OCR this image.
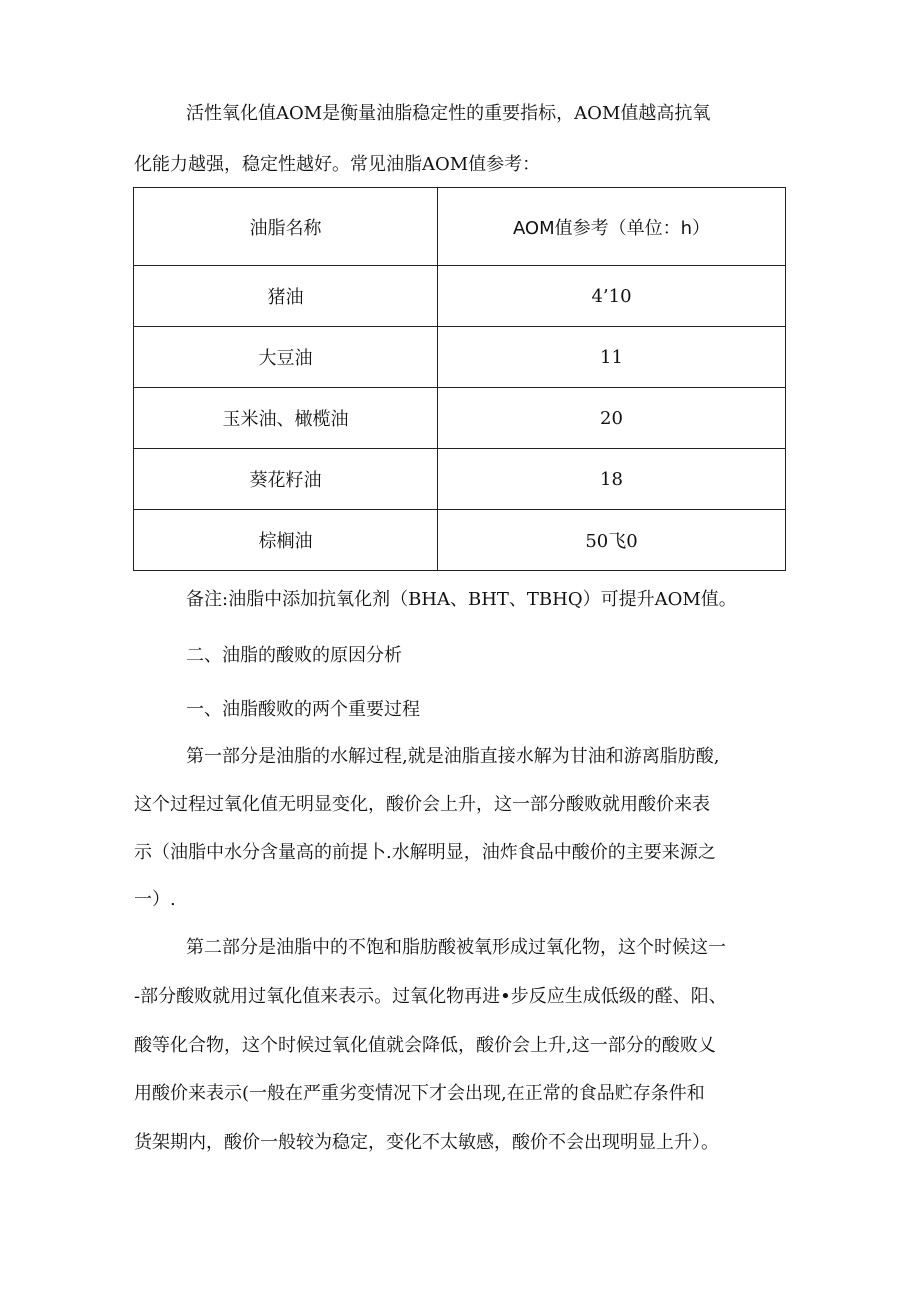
活性氧化值AOM是衡量油脂稳定性的重要指标，AOM值越高抗氧
化能力越强，稳定性越好。常见油脂AOM值参考：
油脂名称	AOM值参考（单位：h）
猪油	4’10
大豆油	11
玉米油、橄榄油	20
葵花籽油	18
棕榈油	50飞0
备注:油脂中添加抗氧化剂（BHA、BHT、TBHQ）可提升AOM值。
二、油脂的酸败的原因分析
一、油脂酸败的两个重要过程
第一部分是油脂的水解过程,就是油脂直接水解为甘油和游离脂肪酸,
这个过程过氧化值无明显变化，酸价会上升，这一部分酸败就用酸价来表
示（油脂中水分含量高的前提卜.水解明显，油炸食品中酸价的主要来源之
一）.
第二部分是油脂中的不饱和脂肪酸被氧形成过氧化物，这个时候这一
-部分酸败就用过氧化值来表示。过氧化物再进•步反应生成低级的醛、阳、
酸等化合物，这个时候过氧化值就会降低，酸价会上升,这一部分的酸败乂
用酸价来表示(一般在严重劣变情况下才会出现,在正常的食品贮存条件和
货架期内，酸价一般较为稳定，变化不太敏感，酸价不会出现明显上升）。
